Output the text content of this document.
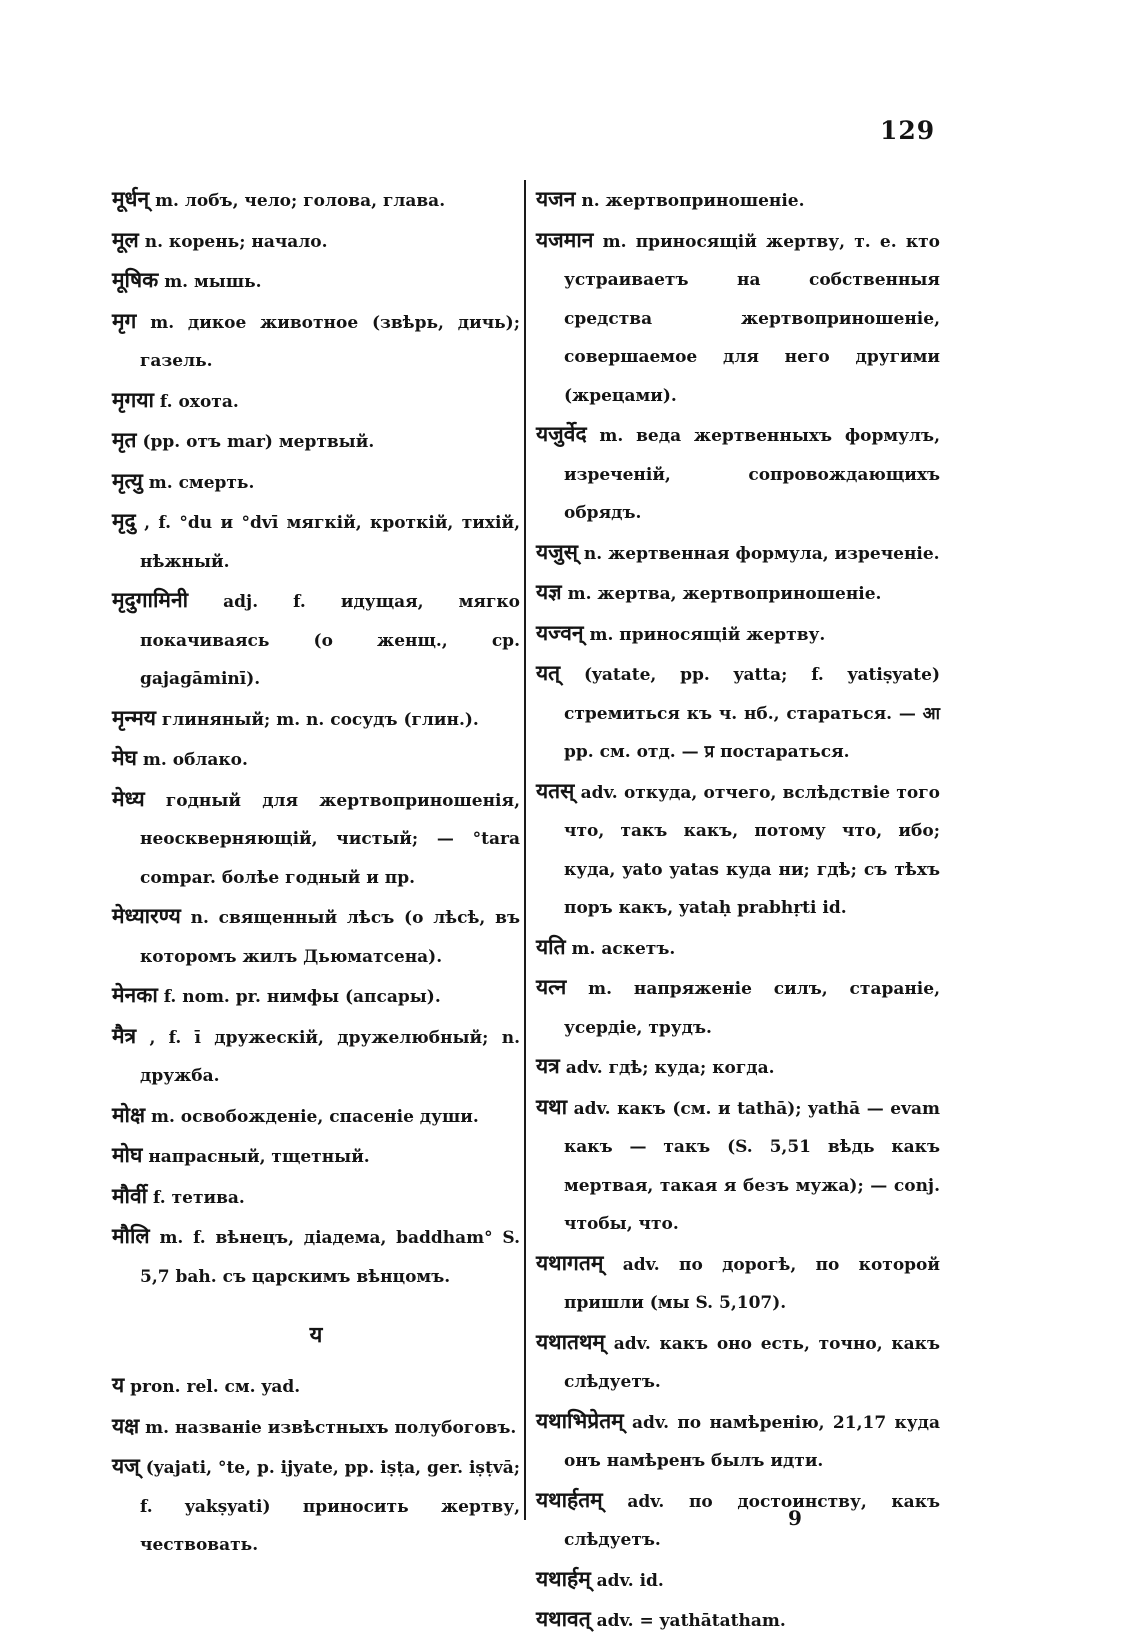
129
मूर्धन् m. лобъ, чело; голова, глава.
मूल n. корень; начало.
मूषिक m. мышь.
मृग m. дикое животное (звѣрь, дичь); газель.
मृगया f. охота.
मृत (pp. отъ mar) мертвый.
मृत्यु m. смерть.
मृदु , f. °du и °dvī мягкій, кроткій, тихій, нѣжный.
मृदुगामिनी adj. f. идущая, мягко покачиваясь (о женщ., ср. gajagāminī).
मृन्मय глиняный; m. n. сосудъ (глин.).
मेघ m. облако.
मेध्य годный для жертвоприношенія, неоскверняющій, чистый; — °tara compar. болѣе годный и пр.
मेध्यारण्य n. священный лѣсъ (о лѣсѣ, въ которомъ жилъ Дьюматсена).
मेनका f. nom. pr. нимфы (апсары).
मैत्र , f. ī дружескій, дружелюбный; n. дружба.
मोक्ष m. освобожденіе, спасеніе души.
मोघ напрасный, тщетный.
मौर्वी f. тетива.
मौलि m. f. вѣнецъ, діадема, baddham° S. 5,7 bah. съ царскимъ вѣнцомъ.
य
य pron. rel. см. yad.
यक्ष m. названіе извѣстныхъ полубоговъ.
यज् (yajati, °te, p. ijyate, pp. iṣṭa, ger. iṣṭvā; f. yakṣyati) приносить жертву, чествовать.
यजन n. жертвоприношеніе.
यजमान m. приносящій жертву, т. е. кто устраиваетъ на собственныя средства жертвоприношеніе, совершаемое для него другими (жрецами).
यजुर्वेद m. веда жертвенныхъ формулъ, изреченій, сопровождающихъ обрядъ.
यजुस् n. жертвенная формула, изреченіе.
यज्ञ m. жертва, жертвоприношеніе.
यज्वन् m. приносящій жертву.
यत् (yatate, pp. yatta; f. yatiṣyate) стремиться къ ч. нб., стараться. — आ pp. см. отд. — प्र постараться.
यतस् adv. откуда, отчего, вслѣдствіе того что, такъ какъ, потому что, ибо; куда, yato yatas куда ни; гдѣ; съ тѣхъ поръ какъ, yataḥ prabhṛti id.
यति m. аскетъ.
यत्न m. напряженіе силъ, стараніе, усердіе, трудъ.
यत्र adv. гдѣ; куда; когда.
यथा adv. какъ (см. и tathā); yathā — evam какъ — такъ (S. 5,51 вѣдь какъ мертвая, такая я безъ мужа); — conj. чтобы, что.
यथागतम् adv. по дорогѣ, по которой пришли (мы S. 5,107).
यथातथम् adv. какъ оно есть, точно, какъ слѣдуетъ.
यथाभिप्रेतम् adv. по намѣренію, 21,17 куда онъ намѣренъ былъ идти.
यथार्हतम् adv. по достоинству, какъ слѣдуетъ.
यथार्हम् adv. id.
यथावत् adv. = yathātatham.
9
